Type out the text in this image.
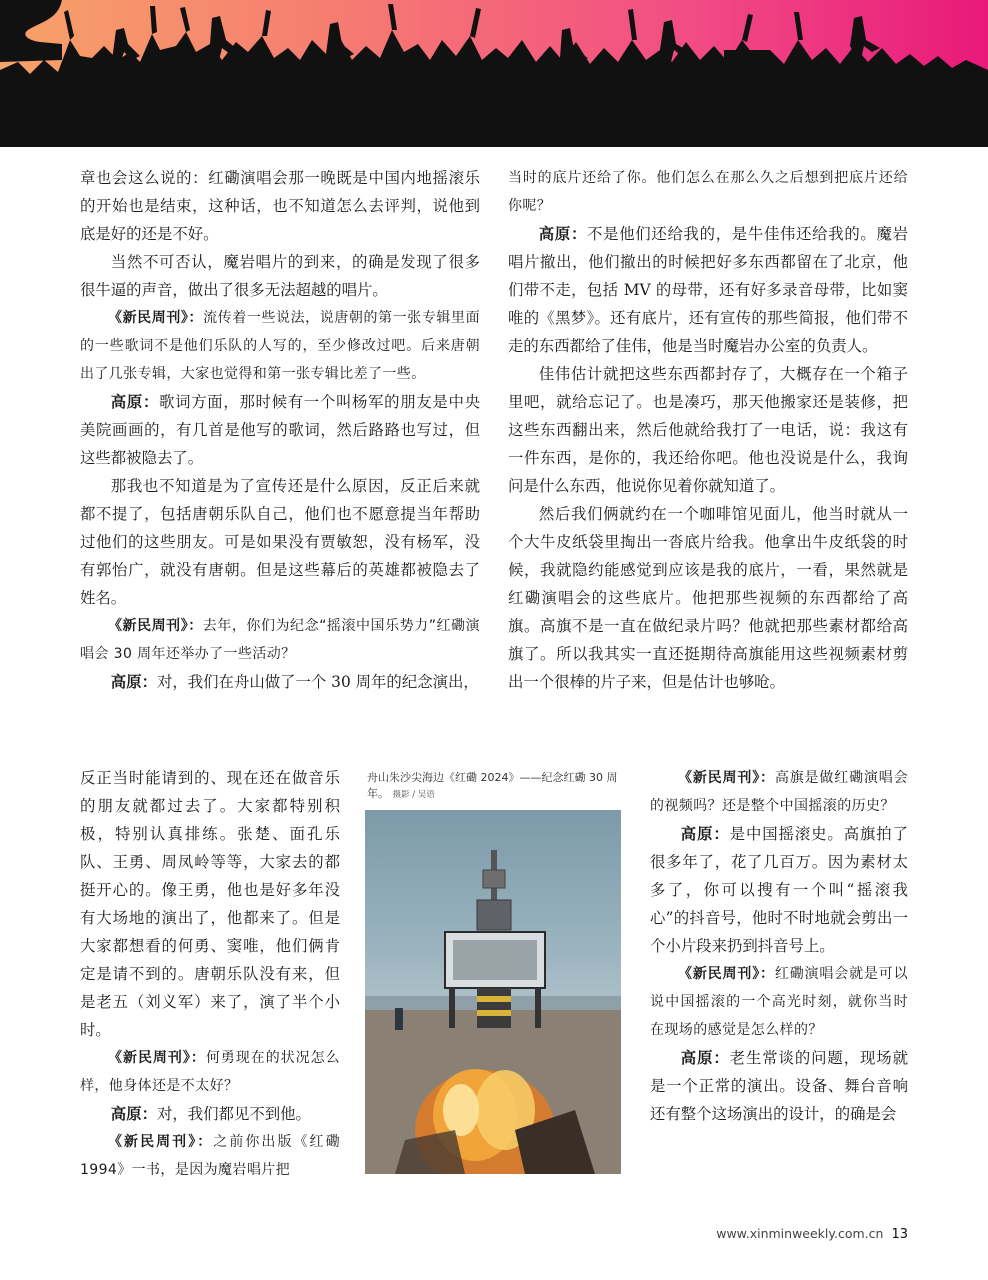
章也会这么说的：红磡演唱会那一晚既是中国内地摇滚乐的开始也是结束，这种话，也不知道怎么去评判，说他到底是好的还是不好。

当然不可否认，魔岩唱片的到来，的确是发现了很多很牛逼的声音，做出了很多无法超越的唱片。

《新民周刊》：流传着一些说法，说唐朝的第一张专辑里面的一些歌词不是他们乐队的人写的，至少修改过吧。后来唐朝出了几张专辑，大家也觉得和第一张专辑比差了一些。

高原：歌词方面，那时候有一个叫杨军的朋友是中央美院画画的，有几首是他写的歌词，然后路路也写过，但这些都被隐去了。

那我也不知道是为了宣传还是什么原因，反正后来就都不提了，包括唐朝乐队自己，他们也不愿意提当年帮助过他们的这些朋友。可是如果没有贾敏恕，没有杨军，没有郭怡广，就没有唐朝。但是这些幕后的英雄都被隐去了姓名。

《新民周刊》：去年，你们为纪念“摇滚中国乐势力”红磡演唱会 30 周年还举办了一些活动？

高原：对，我们在舟山做了一个 30 周年的纪念演出，

反正当时能请到的、现在还在做音乐的朋友就都过去了。大家都特别积极，特别认真排练。张楚、面孔乐队、王勇、周凤岭等等，大家去的都挺开心的。像王勇，他也是好多年没有大场地的演出了，他都来了。但是大家都想看的何勇、窦唯，他们俩肯定是请不到的。唐朝乐队没有来，但是老五（刘义军）来了，演了半个小时。

《新民周刊》：何勇现在的状况怎么样，他身体还是不太好？

高原：对，我们都见不到他。

《新民周刊》：之前你出版《红磡 1994》一书，是因为魔岩唱片把

当时的底片还给了你。他们怎么在那么久之后想到把底片还给你呢？

高原：不是他们还给我的，是牛佳伟还给我的。魔岩唱片撤出，他们撤出的时候把好多东西都留在了北京，他们带不走，包括 MV 的母带，还有好多录音母带，比如窦唯的《黑梦》。还有底片，还有宣传的那些简报，他们带不走的东西都给了佳伟，他是当时魔岩办公室的负责人。

佳伟估计就把这些东西都封存了，大概存在一个箱子里吧，就给忘记了。也是凑巧，那天他搬家还是装修，把这些东西翻出来，然后他就给我打了一电话，说：我这有一件东西，是你的，我还给你吧。他也没说是什么，我询问是什么东西，他说你见着你就知道了。

然后我们俩就约在一个咖啡馆见面儿，他当时就从一个大牛皮纸袋里掏出一沓底片给我。他拿出牛皮纸袋的时候，我就隐约能感觉到应该是我的底片，一看，果然就是红磡演唱会的这些底片。他把那些视频的东西都给了高旗。高旗不是一直在做纪录片吗？他就把那些素材都给高旗了。所以我其实一直还挺期待高旗能用这些视频素材剪出一个很棒的片子来，但是估计也够呛。

《新民周刊》：高旗是做红磡演唱会的视频吗？还是整个中国摇滚的历史？

高原：是中国摇滚史。高旗拍了很多年了，花了几百万。因为素材太多了，你可以搜有一个叫“摇滚我心”的抖音号，他时不时地就会剪出一个小片段来扔到抖音号上。

《新民周刊》：红磡演唱会就是可以说中国摇滚的一个高光时刻，就你当时在现场的感觉是怎么样的？

高原：老生常谈的问题，现场就是一个正常的演出。设备、舞台音响还有整个这场演出的设计，的确是会

舟山朱沙尖海边《红磡 2024》——纪念红磡 30 周年。 摄影 / 吴语
www.xinminweekly.com.cn 13
